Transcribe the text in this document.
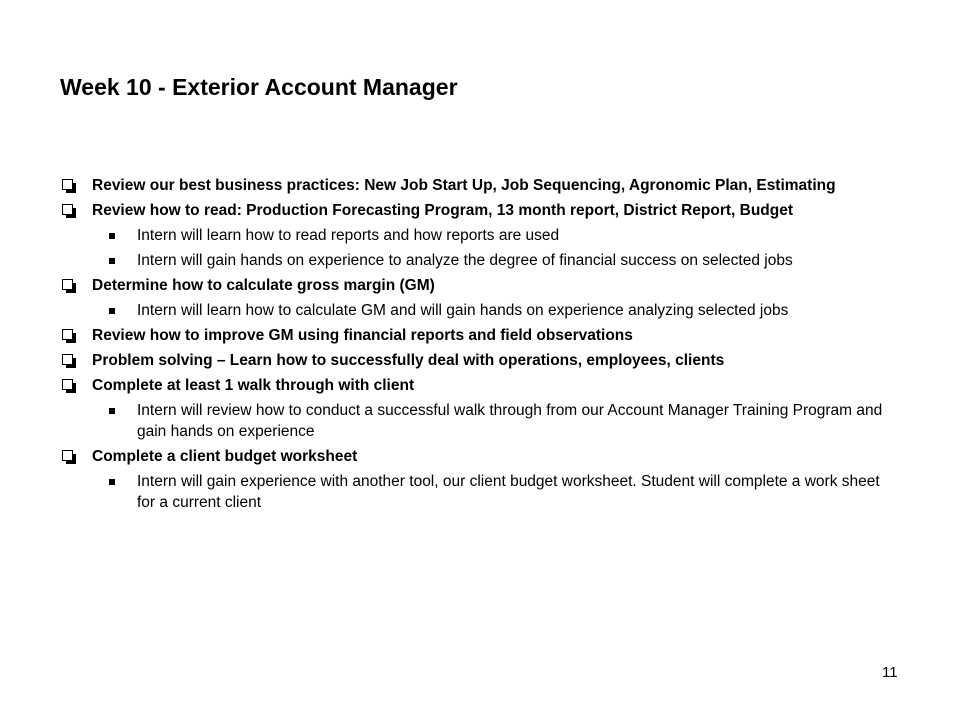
Week 10 - Exterior Account Manager
Review our best business practices: New Job Start Up, Job Sequencing, Agronomic Plan, Estimating
Review how to read: Production Forecasting Program, 13 month report, District Report, Budget
Intern will learn how to read reports and how reports are used
Intern will gain hands on experience to analyze the degree of financial success on selected jobs
Determine how to calculate gross margin (GM)
Intern will learn how to calculate GM and will gain hands on experience analyzing selected jobs
Review how to improve GM using financial reports and field observations
Problem solving – Learn how to successfully deal with operations, employees, clients
Complete at least 1 walk through with client
Intern will review how to conduct a successful walk through from our Account Manager Training Program and gain hands on experience
Complete a client budget worksheet
Intern will gain experience with another tool, our client budget worksheet. Student will complete a work sheet for a current client
11
